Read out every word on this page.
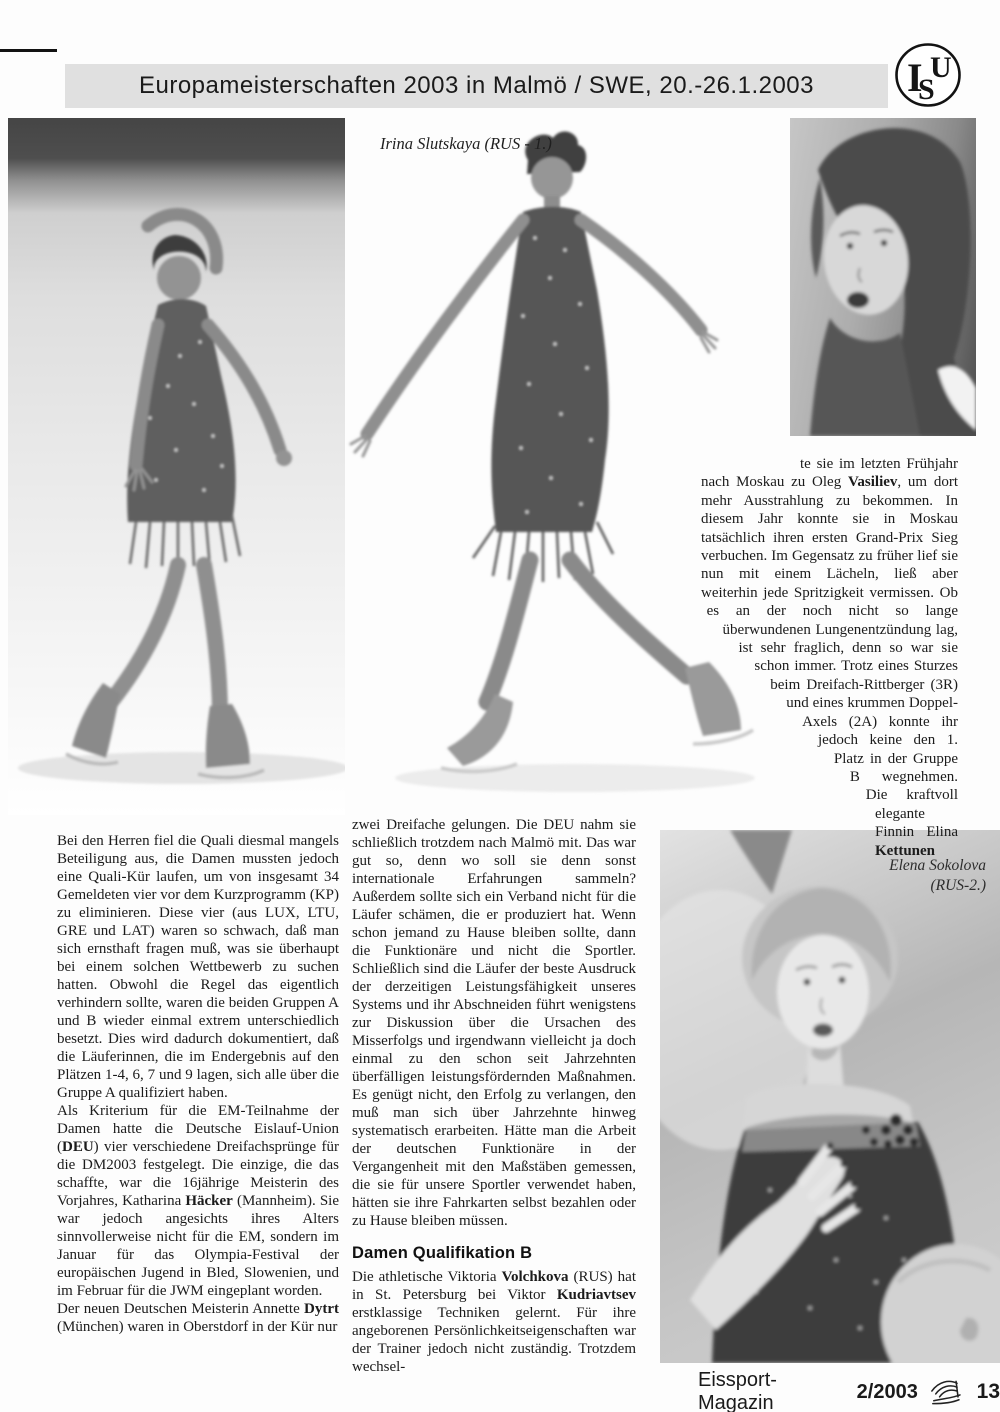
Europameisterschaften 2003 in Malmö / SWE, 20.-26.1.2003 I U
S
Irina Slutskaya (RUS - 1.)

te sie im letzten Frühjahr nach Moskau zu Oleg Vasiliev, um dort mehr Ausstrahlung zu bekommen. In diesem Jahr konnte sie in Moskau tatsächlich ihren ersten Grand-Prix Sieg verbuchen. Im Gegensatz zu früher lief sie nun mit einem Lächeln, ließ aber weiterhin jede Spritzigkeit vermissen. Ob es an der noch nicht so lange überwundenen Lungenentzündung lag, ist sehr fraglich, denn so war sie schon immer. Trotz eines Sturzes beim Dreifach-Rittberger (3R) und eines krummen Doppel-Axels (2A) konnte ihr jedoch keine den 1. Platz in der Gruppe B wegnehmen. Die kraftvoll elegante Finnin Elina Kettunen

Bei den Herren fiel die Quali diesmal mangels Beteiligung aus, die Damen mussten jedoch eine Quali-Kür laufen, um von insgesamt 34 Gemeldeten vier vor dem Kurzprogramm (KP) zu eliminieren. Diese vier (aus LUX, LTU, GRE und LAT) waren so schwach, daß man sich ernsthaft fragen muß, was sie überhaupt bei einem solchen Wettbewerb zu suchen hatten. Obwohl die Regel das eigentlich verhindern sollte, waren die beiden Gruppen A und B wieder einmal extrem unterschiedlich besetzt. Dies wird dadurch dokumentiert, daß die Läuferinnen, die im Endergebnis auf den Plätzen 1-4, 6, 7 und 9 lagen, sich alle über die Gruppe A qualifiziert haben.

Als Kriterium für die EM-Teilnahme der Damen hatte die Deutsche Eislauf-Union (DEU) vier verschiedene Dreifachsprünge für die DM2003 festgelegt. Die einzige, die das schaffte, war die 16jährige Meisterin des Vorjahres, Katharina Häcker (Mannheim). Sie war jedoch angesichts ihres Alters sinnvollerweise nicht für die EM, sondern im Januar für das Olympia-Festival der europäischen Jugend in Bled, Slowenien, und im Februar für die JWM eingeplant worden.

Der neuen Deutschen Meisterin Annette Dytrt (München) waren in Oberstdorf in der Kür nur

zwei Dreifache gelungen. Die DEU nahm sie schließlich trotzdem nach Malmö mit. Das war gut so, denn wo soll sie denn sonst internationale Erfahrungen sammeln? Außerdem sollte sich ein Verband nicht für die Läufer schämen, die er produziert hat. Wenn schon jemand zu Hause bleiben sollte, dann die Funktionäre und nicht die Sportler. Schließlich sind die Läufer der beste Ausdruck der derzeitigen Leistungsfähigkeit unseres Systems und ihr Abschneiden führt wenigstens zur Diskussion über die Ursachen des Misserfolgs und irgendwann vielleicht ja doch einmal zu den schon seit Jahrzehnten überfälligen leistungsfördernden Maßnahmen. Es genügt nicht, den Erfolg zu verlangen, den muß man sich über Jahrzehnte hinweg systematisch erarbeiten. Hätte man die Arbeit der deutschen Funktionäre in der Vergangenheit mit den Maßstäben gemessen, die sie für unsere Sportler verwendet haben, hätten sie ihre Fahrkarten selbst bezahlen oder zu Hause bleiben müssen.

Damen Qualifikation B

Die athletische Viktoria Volchkova (RUS) hat in St. Petersburg bei Viktor Kudriavtsev erstklassige Techniken gelernt. Für ihre angeborenen Persönlichkeitseigenschaften war der Trainer jedoch nicht zuständig. Trotzdem wechsel-

Elena Sokolova
(RUS-2.)
Eissport-Magazin
2/2003	13
